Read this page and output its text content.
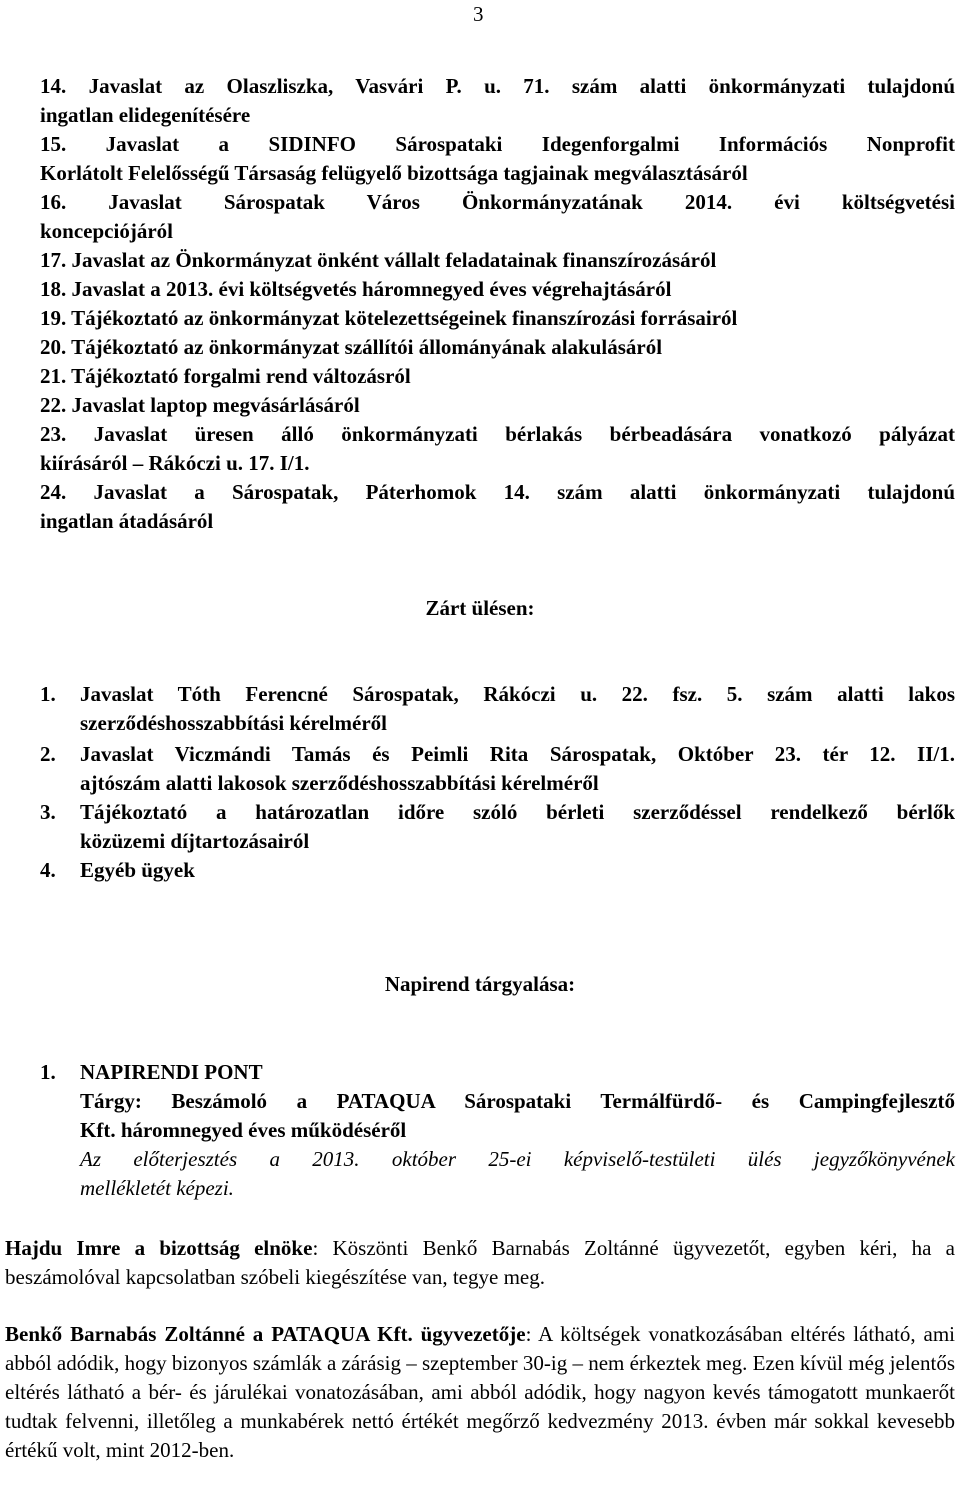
3
14. Javaslat az Olaszliszka, Vasvári P. u. 71. szám alatti önkormányzati tulajdonú
ingatlan elidegenítésére
15. Javaslat a SIDINFO Sárospataki Idegenforgalmi Információs Nonprofit
Korlátolt Felelősségű Társaság felügyelő bizottsága tagjainak megválasztásáról
16. Javaslat Sárospatak Város Önkormányzatának 2014. évi költségvetési
koncepciójáról
17. Javaslat az Önkormányzat önként vállalt feladatainak finanszírozásáról
18. Javaslat a 2013. évi költségvetés háromnegyed éves végrehajtásáról
19. Tájékoztató az önkormányzat kötelezettségeinek finanszírozási forrásairól
20. Tájékoztató az önkormányzat szállítói állományának alakulásáról
21. Tájékoztató forgalmi rend változásról
22. Javaslat laptop megvásárlásáról
23. Javaslat üresen álló önkormányzati bérlakás bérbeadására vonatkozó pályázat
kiírásáról – Rákóczi u. 17. I/1.
24. Javaslat a Sárospatak, Páterhomok 14. szám alatti önkormányzati tulajdonú
ingatlan átadásáról
Zárt ülésen:
1.	Javaslat Tóth Ferencné Sárospatak, Rákóczi u. 22. fsz. 5. szám alatti lakos
szerződéshosszabbítási kérelméről
2.	Javaslat Viczmándi Tamás és Peimli Rita Sárospatak, Október 23. tér 12. II/1.
ajtószám alatti lakosok szerződéshosszabbítási kérelméről
3.	Tájékoztató a határozatlan időre szóló bérleti szerződéssel rendelkező bérlők
közüzemi díjtartozásairól
4.	Egyéb ügyek
Napirend tárgyalása:
1.	NAPIRENDI PONT
Tárgy: Beszámoló a PATAQUA Sárospataki Termálfürdő- és Campingfejlesztő
Kft. háromnegyed éves működéséről
Az előterjesztés a 2013. október 25-ei képviselő-testületi ülés jegyzőkönyvének
mellékletét képezi.
Hajdu Imre a bizottság elnöke: Köszönti Benkő Barnabás Zoltánné ügyvezetőt, egyben kéri, ha a beszámolóval kapcsolatban szóbeli kiegészítése van, tegye meg.
Benkő Barnabás Zoltánné a PATAQUA Kft. ügyvezetője: A költségek vonatkozásában eltérés látható, ami abból adódik, hogy bizonyos számlák a zárásig – szeptember 30-ig – nem érkeztek meg. Ezen kívül még jelentős eltérés látható a bér- és járulékai vonatozásában, ami abból adódik, hogy nagyon kevés támogatott munkaerőt tudtak felvenni, illetőleg a munkabérek nettó értékét megőrző kedvezmény 2013. évben már sokkal kevesebb értékű volt, mint 2012-ben.
